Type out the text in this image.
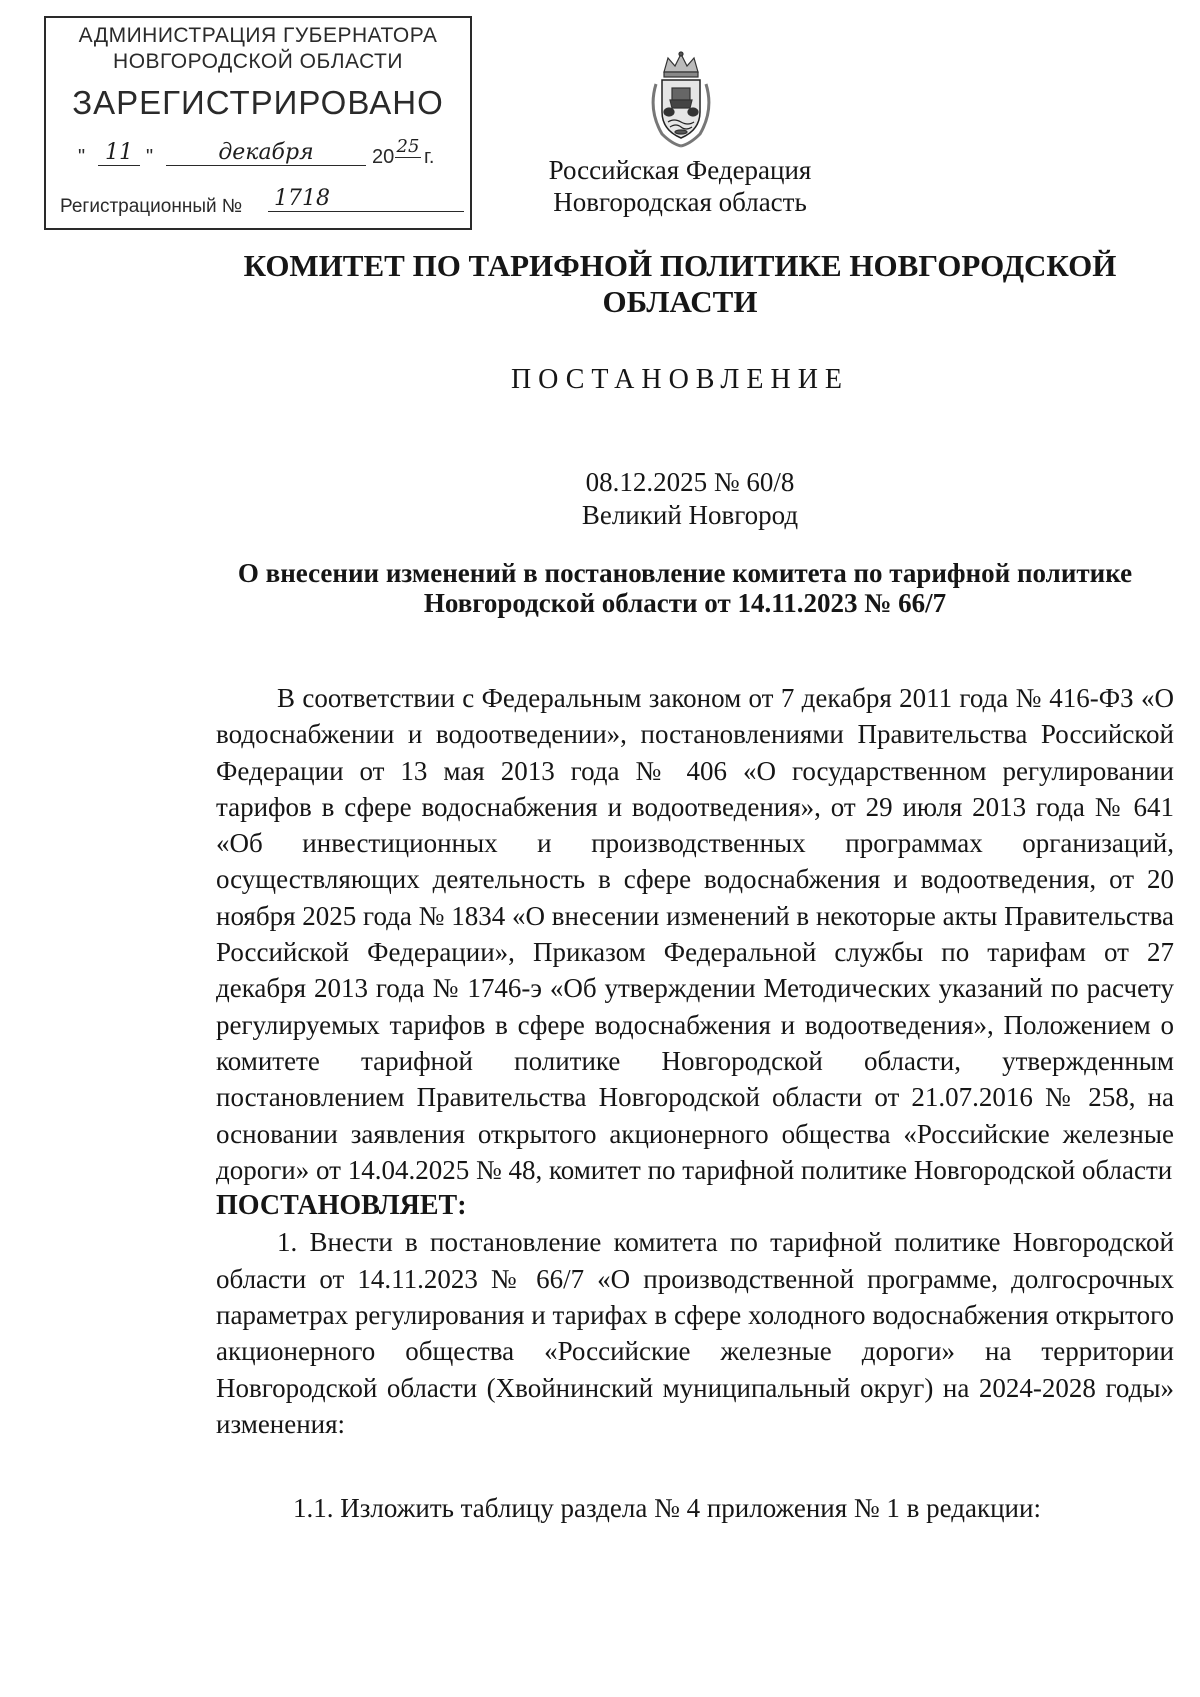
АДМИНИСТРАЦИЯ ГУБЕРНАТОРА
НОВГОРОДСКОЙ ОБЛАСТИ
ЗАРЕГИСТРИРОВАНО
" 11 "	декабря	20 25 г.
Регистрационный № 1718
Российская Федерация
Новгородская область
КОМИТЕТ ПО ТАРИФНОЙ ПОЛИТИКЕ НОВГОРОДСКОЙ ОБЛАСТИ
ПОСТАНОВЛЕНИЕ
08.12.2025 № 60/8
Великий Новгород
О внесении изменений в постановление комитета по тарифной политике Новгородской области от 14.11.2023 № 66/7

В соответствии с Федеральным законом от 7 декабря 2011 года № 416-ФЗ «О водоснабжении и водоотведении», постановлениями Правительства Российской Федерации от 13 мая 2013 года № 406 «О государственном регулировании тарифов в сфере водоснабжения и водоотведения», от 29 июля 2013 года № 641 «Об инвестиционных и производственных программах организаций, осуществляющих деятельность в сфере водоснабжения и водоотведения, от 20 ноября 2025 года № 1834 «О внесении изменений в некоторые акты Правительства Российской Федерации», Приказом Федеральной службы по тарифам от 27 декабря 2013 года № 1746-э «Об утверждении Методических указаний по расчету регулируемых тарифов в сфере водоснабжения и водоотведения», Положением о комитете тарифной политике Новгородской области, утвержденным постановлением Правительства Новгородской области от 21.07.2016 № 258, на основании заявления открытого акционерного общества «Российские железные дороги» от 14.04.2025 № 48, комитет по тарифной политике Новгородской области

ПОСТАНОВЛЯЕТ:

1. Внести в постановление комитета по тарифной политике Новгородской области от 14.11.2023 № 66/7 «О производственной программе, долгосрочных параметрах регулирования и тарифах в сфере холодного водоснабжения открытого акционерного общества «Российские железные дороги» на территории Новгородской области (Хвойнинский муниципальный округ) на 2024-2028 годы» изменения:

1.1. Изложить таблицу раздела № 4 приложения № 1 в редакции:
